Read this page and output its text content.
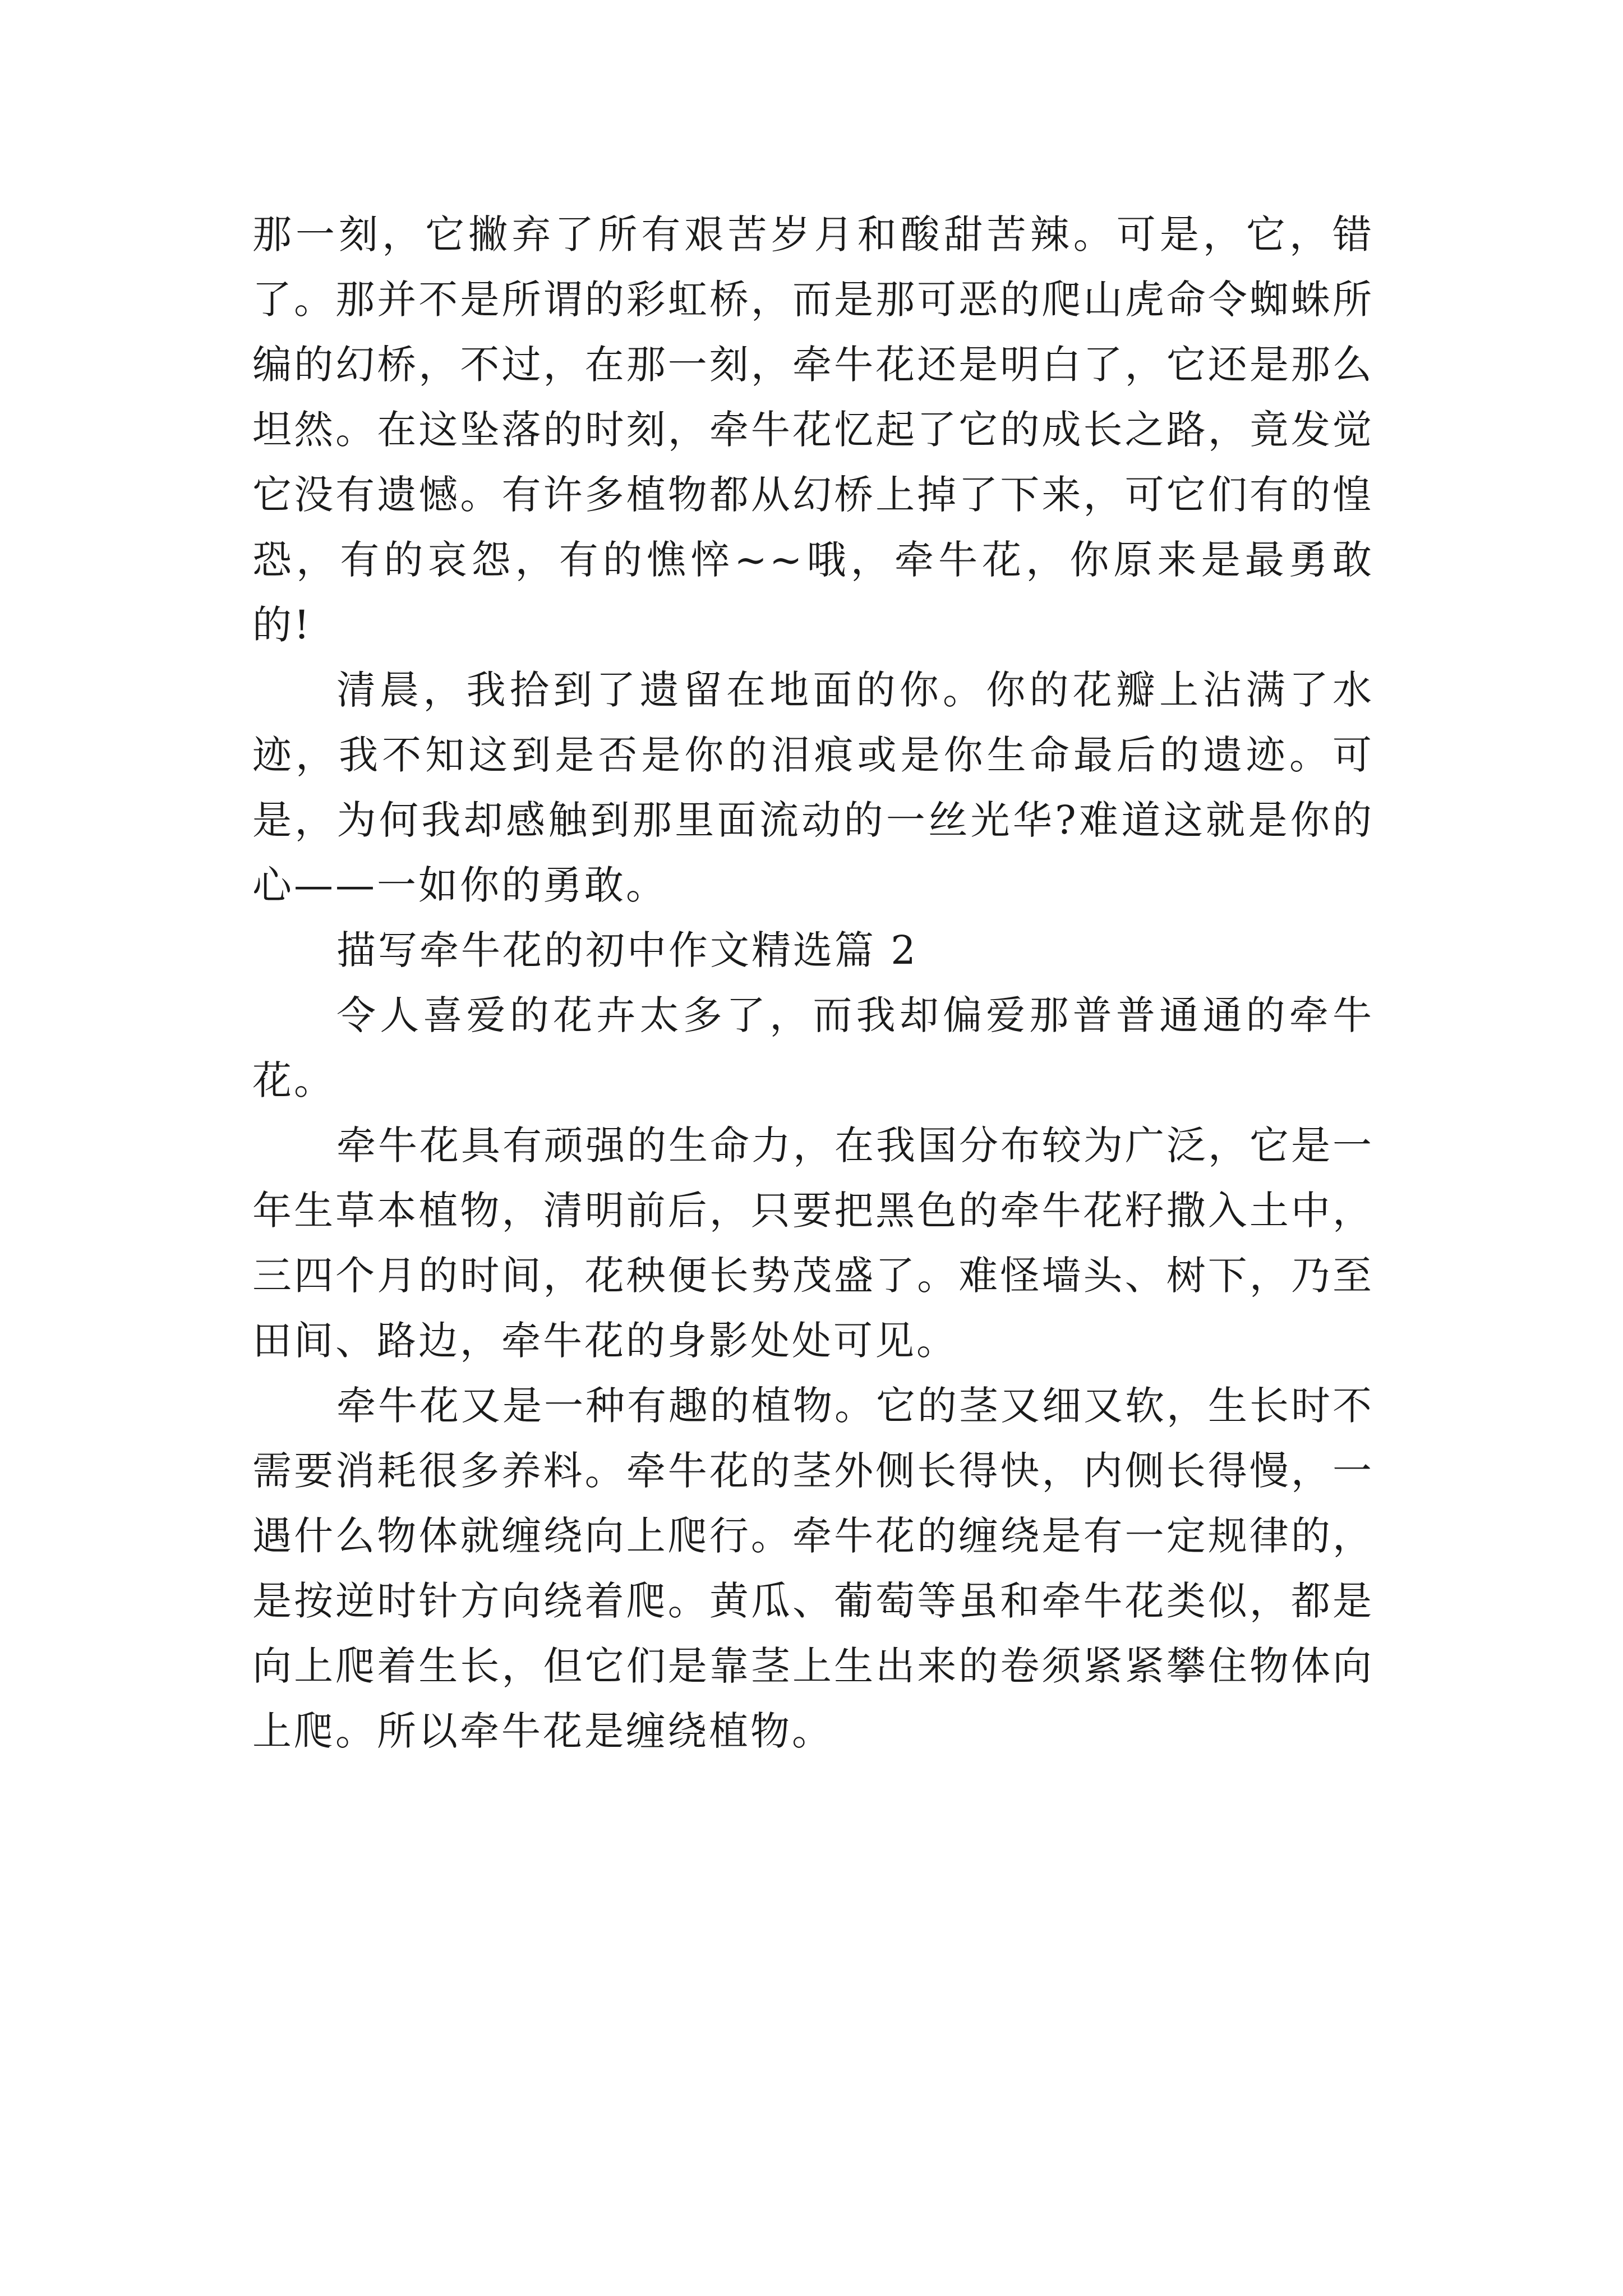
那一刻，它撇弃了所有艰苦岁月和酸甜苦辣。可是，它，错了。那并不是所谓的彩虹桥，而是那可恶的爬山虎命令蜘蛛所编的幻桥，不过，在那一刻，牵牛花还是明白了，它还是那么坦然。在这坠落的时刻，牵牛花忆起了它的成长之路，竟发觉它没有遗憾。有许多植物都从幻桥上掉了下来，可它们有的惶恐，有的哀怨，有的憔悴~~哦，牵牛花，你原来是最勇敢的!

清晨，我拾到了遗留在地面的你。你的花瓣上沾满了水迹，我不知这到是否是你的泪痕或是你生命最后的遗迹。可是，为何我却感触到那里面流动的一丝光华?难道这就是你的心——一如你的勇敢。

描写牵牛花的初中作文精选篇 2

令人喜爱的花卉太多了，而我却偏爱那普普通通的牵牛花。

牵牛花具有顽强的生命力，在我国分布较为广泛，它是一年生草本植物，清明前后，只要把黑色的牵牛花籽撒入土中，三四个月的时间，花秧便长势茂盛了。难怪墙头、树下，乃至田间、路边，牵牛花的身影处处可见。

牵牛花又是一种有趣的植物。它的茎又细又软，生长时不需要消耗很多养料。牵牛花的茎外侧长得快，内侧长得慢，一遇什么物体就缠绕向上爬行。牵牛花的缠绕是有一定规律的，是按逆时针方向绕着爬。黄瓜、葡萄等虽和牵牛花类似，都是向上爬着生长，但它们是靠茎上生出来的卷须紧紧攀住物体向上爬。所以牵牛花是缠绕植物。
